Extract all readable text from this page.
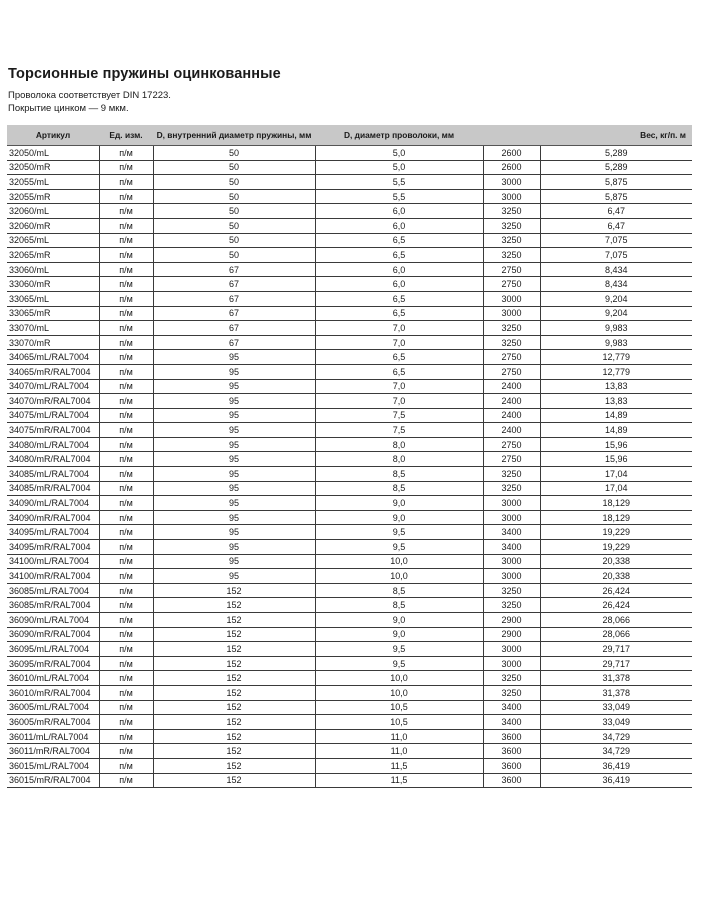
Торсионные пружины оцинкованные
Проволока соответствует DIN 17223.
Покрытие цинком — 9 мкм.
Артикул	Ед. изм.	D, внутренний диаметр пружины, мм	D, диаметр проволоки, мм		Вес, кг/п. м
32050/mL	п/м	50	5,0	2600	5,289
32050/mR	п/м	50	5,0	2600	5,289
32055/mL	п/м	50	5,5	3000	5,875
32055/mR	п/м	50	5,5	3000	5,875
32060/mL	п/м	50	6,0	3250	6,47
32060/mR	п/м	50	6,0	3250	6,47
32065/mL	п/м	50	6,5	3250	7,075
32065/mR	п/м	50	6,5	3250	7,075
33060/mL	п/м	67	6,0	2750	8,434
33060/mR	п/м	67	6,0	2750	8,434
33065/mL	п/м	67	6,5	3000	9,204
33065/mR	п/м	67	6,5	3000	9,204
33070/mL	п/м	67	7,0	3250	9,983
33070/mR	п/м	67	7,0	3250	9,983
34065/mL/RAL7004	п/м	95	6,5	2750	12,779
34065/mR/RAL7004	п/м	95	6,5	2750	12,779
34070/mL/RAL7004	п/м	95	7,0	2400	13,83
34070/mR/RAL7004	п/м	95	7,0	2400	13,83
34075/mL/RAL7004	п/м	95	7,5	2400	14,89
34075/mR/RAL7004	п/м	95	7,5	2400	14,89
34080/mL/RAL7004	п/м	95	8,0	2750	15,96
34080/mR/RAL7004	п/м	95	8,0	2750	15,96
34085/mL/RAL7004	п/м	95	8,5	3250	17,04
34085/mR/RAL7004	п/м	95	8,5	3250	17,04
34090/mL/RAL7004	п/м	95	9,0	3000	18,129
34090/mR/RAL7004	п/м	95	9,0	3000	18,129
34095/mL/RAL7004	п/м	95	9,5	3400	19,229
34095/mR/RAL7004	п/м	95	9,5	3400	19,229
34100/mL/RAL7004	п/м	95	10,0	3000	20,338
34100/mR/RAL7004	п/м	95	10,0	3000	20,338
36085/mL/RAL7004	п/м	152	8,5	3250	26,424
36085/mR/RAL7004	п/м	152	8,5	3250	26,424
36090/mL/RAL7004	п/м	152	9,0	2900	28,066
36090/mR/RAL7004	п/м	152	9,0	2900	28,066
36095/mL/RAL7004	п/м	152	9,5	3000	29,717
36095/mR/RAL7004	п/м	152	9,5	3000	29,717
36010/mL/RAL7004	п/м	152	10,0	3250	31,378
36010/mR/RAL7004	п/м	152	10,0	3250	31,378
36005/mL/RAL7004	п/м	152	10,5	3400	33,049
36005/mR/RAL7004	п/м	152	10,5	3400	33,049
36011/mL/RAL7004	п/м	152	11,0	3600	34,729
36011/mR/RAL7004	п/м	152	11,0	3600	34,729
36015/mL/RAL7004	п/м	152	11,5	3600	36,419
36015/mR/RAL7004	п/м	152	11,5	3600	36,419
